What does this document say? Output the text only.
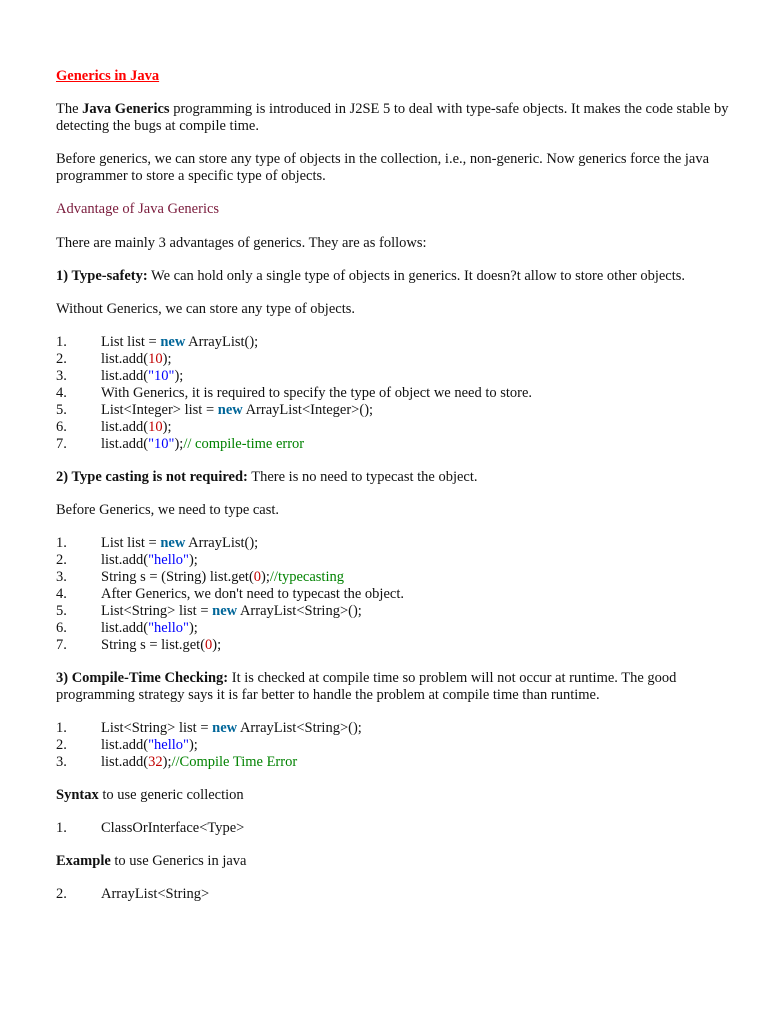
Generics in Java

The Java Generics programming is introduced in J2SE 5 to deal with type-safe objects. It makes the code stable by detecting the bugs at compile time.

Before generics, we can store any type of objects in the collection, i.e., non-generic. Now generics force the java programmer to store a specific type of objects.

Advantage of Java Generics

There are mainly 3 advantages of generics. They are as follows:

1) Type-safety: We can hold only a single type of objects in generics. It doesn?t allow to store other objects.

Without Generics, we can store any type of objects.

1. List list = new ArrayList();
2. list.add(10);
3. list.add("10");
4. With Generics, it is required to specify the type of object we need to store.
5. List<Integer> list = new ArrayList<Integer>();
6. list.add(10);
7. list.add("10");// compile-time error

2) Type casting is not required: There is no need to typecast the object.

Before Generics, we need to type cast.

1. List list = new ArrayList();
2. list.add("hello");
3. String s = (String) list.get(0);//typecasting
4. After Generics, we don't need to typecast the object.
5. List<String> list = new ArrayList<String>();
6. list.add("hello");
7. String s = list.get(0);

3) Compile-Time Checking: It is checked at compile time so problem will not occur at runtime. The good programming strategy says it is far better to handle the problem at compile time than runtime.

1. List<String> list = new ArrayList<String>();
2. list.add("hello");
3. list.add(32);//Compile Time Error

Syntax to use generic collection

1. ClassOrInterface<Type>

Example to use Generics in java

2. ArrayList<String>
